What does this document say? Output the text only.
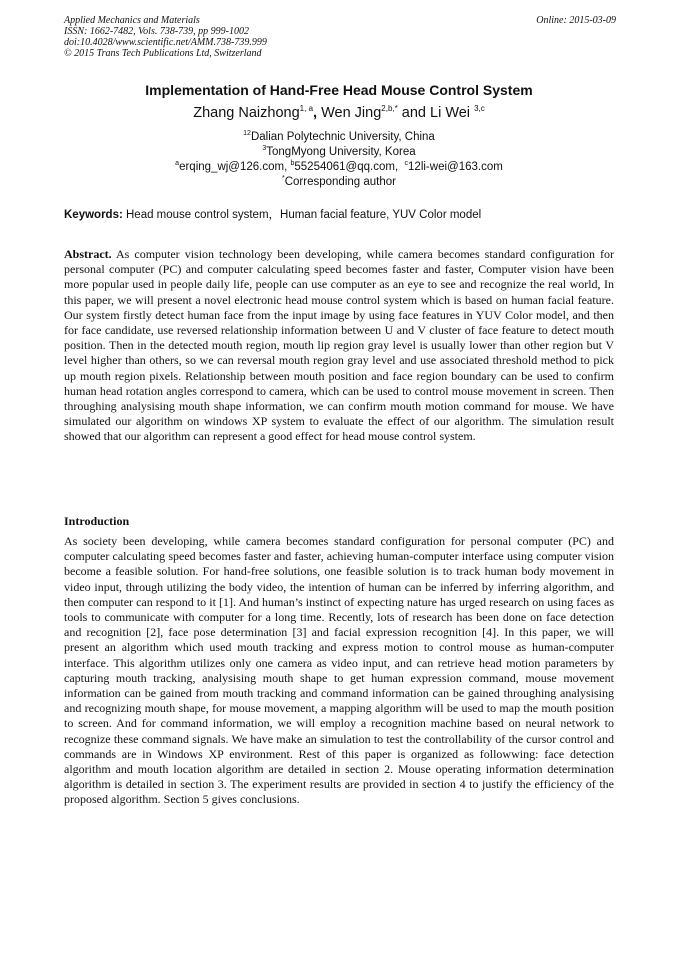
Applied Mechanics and Materials
ISSN: 1662-7482, Vols. 738-739, pp 999-1002
doi:10.4028/www.scientific.net/AMM.738-739.999
© 2015 Trans Tech Publications Ltd, Switzerland
Online: 2015-03-09
Implementation of Hand-Free Head Mouse Control System
Zhang Naizhong$^{1, a}$, Wen Jing$^{2,b,*}$ and Li Wei $^{3,c}$
$^{12}$Dalian Polytechnic University, China
$^3$TongMyong University, Korea
$^a$erqing_wj@126.com, $^b$55254061@qq.com, $^c$12li-wei@163.com
*Corresponding author
Keywords: Head mouse control system，Human facial feature, YUV Color model
Abstract. As computer vision technology been developing, while camera becomes standard configuration for personal computer (PC) and computer calculating speed becomes faster and faster, Computer vision have been more popular used in people daily life, people can use computer as an eye to see and recognize the real world, In this paper, we will present a novel electronic head mouse control system which is based on human facial feature. Our system firstly detect human face from the input image by using face features in YUV Color model, and then for face candidate, use reversed relationship information between U and V cluster of face feature to detect mouth position. Then in the detected mouth region, mouth lip region gray level is usually lower than other region but V level higher than others, so we can reversal mouth region gray level and use associated threshold method to pick up mouth region pixels. Relationship between mouth position and face region boundary can be used to confirm human head rotation angles correspond to camera, which can be used to control mouse movement in screen. Then throughing analysising mouth shape information, we can confirm mouth motion command for mouse. We have simulated our algorithm on windows XP system to evaluate the effect of our algorithm. The simulation result showed that our algorithm can represent a good effect for head mouse control system.
Introduction
As society been developing, while camera becomes standard configuration for personal computer (PC) and computer calculating speed becomes faster and faster, achieving human-computer interface using computer vision become a feasible solution. For hand-free solutions, one feasible solution is to track human body movement in video input, through utilizing the body video, the intention of human can be inferred by inferring algorithm, and then computer can respond to it [1]. And human’s instinct of expecting nature has urged research on using faces as tools to communicate with computer for a long time. Recently, lots of research has been done on face detection and recognition [2], face pose determination [3] and facial expression recognition [4]. In this paper, we will present an algorithm which used mouth tracking and express motion to control mouse as human-computer interface. This algorithm utilizes only one camera as video input, and can retrieve head motion parameters by capturing mouth tracking, analysising mouth shape to get human expression command, mouse movement information can be gained from mouth tracking and command information can be gained throughing analysising and recognizing mouth shape, for mouse movement, a mapping algorithm will be used to map the mouth position to screen. And for command information, we will employ a recognition machine based on neural network to recognize these command signals. We have make an simulation to test the controllability of the cursor control and commands are in Windows XP environment. Rest of this paper is organized as followwing: face detection algorithm and mouth location algorithm are detailed in section 2. Mouse operating information determination algorithm is detailed in section 3. The experiment results are provided in section 4 to justify the efficiency of the proposed algorithm. Section 5 gives conclusions.
